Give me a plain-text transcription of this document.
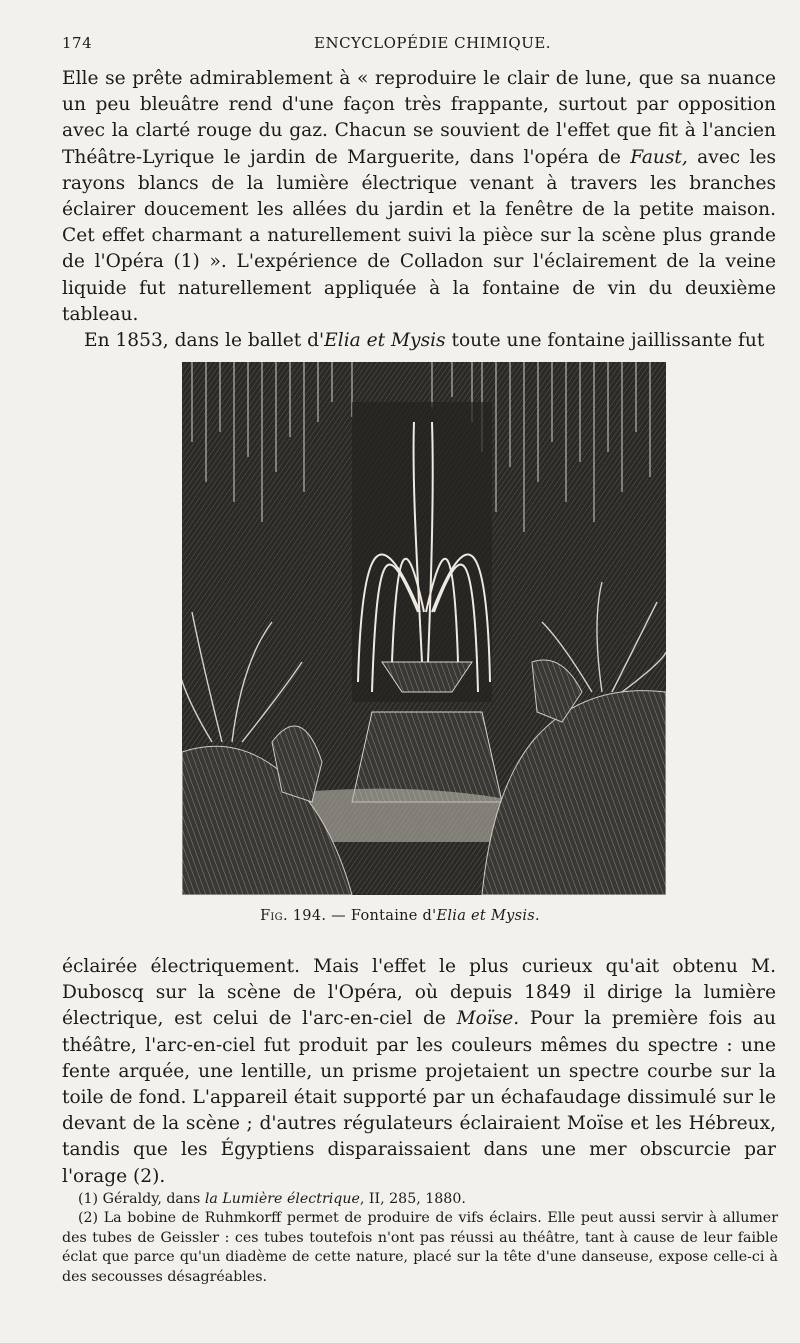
174	ENCYCLOPÉDIE CHIMIQUE.

Elle se prête admirablement à « reproduire le clair de lune, que sa nuance un peu bleuâtre rend d'une façon très frappante, surtout par opposition avec la clarté rouge du gaz. Chacun se souvient de l'effet que fit à l'ancien Théâtre-Lyrique le jardin de Marguerite, dans l'opéra de Faust, avec les rayons blancs de la lumière électrique venant à travers les branches éclairer doucement les allées du jardin et la fenêtre de la petite maison. Cet effet charmant a naturellement suivi la pièce sur la scène plus grande de l'Opéra (1) ». L'expérience de Colladon sur l'éclairement de la veine liquide fut naturellement appliquée à la fontaine de vin du deuxième tableau.

En 1853, dans le ballet d'Elia et Mysis toute une fontaine jaillissante fut

Fig. 194. — Fontaine d'Elia et Mysis.

éclairée électriquement. Mais l'effet le plus curieux qu'ait obtenu M. Duboscq sur la scène de l'Opéra, où depuis 1849 il dirige la lumière électrique, est celui de l'arc-en-ciel de Moïse. Pour la première fois au théâtre, l'arc-en-ciel fut produit par les couleurs mêmes du spectre : une fente arquée, une lentille, un prisme projetaient un spectre courbe sur la toile de fond. L'appareil était supporté par un échafaudage dissimulé sur le devant de la scène ; d'autres régulateurs éclairaient Moïse et les Hébreux, tandis que les Égyptiens disparaissaient dans une mer obscurcie par l'orage (2).

(1) Géraldy, dans la Lumière électrique, II, 285, 1880.

(2) La bobine de Ruhmkorff permet de produire de vifs éclairs. Elle peut aussi servir à allumer des tubes de Geissler : ces tubes toutefois n'ont pas réussi au théâtre, tant à cause de leur faible éclat que parce qu'un diadème de cette nature, placé sur la tête d'une danseuse, expose celle-ci à des secousses désagréables.
